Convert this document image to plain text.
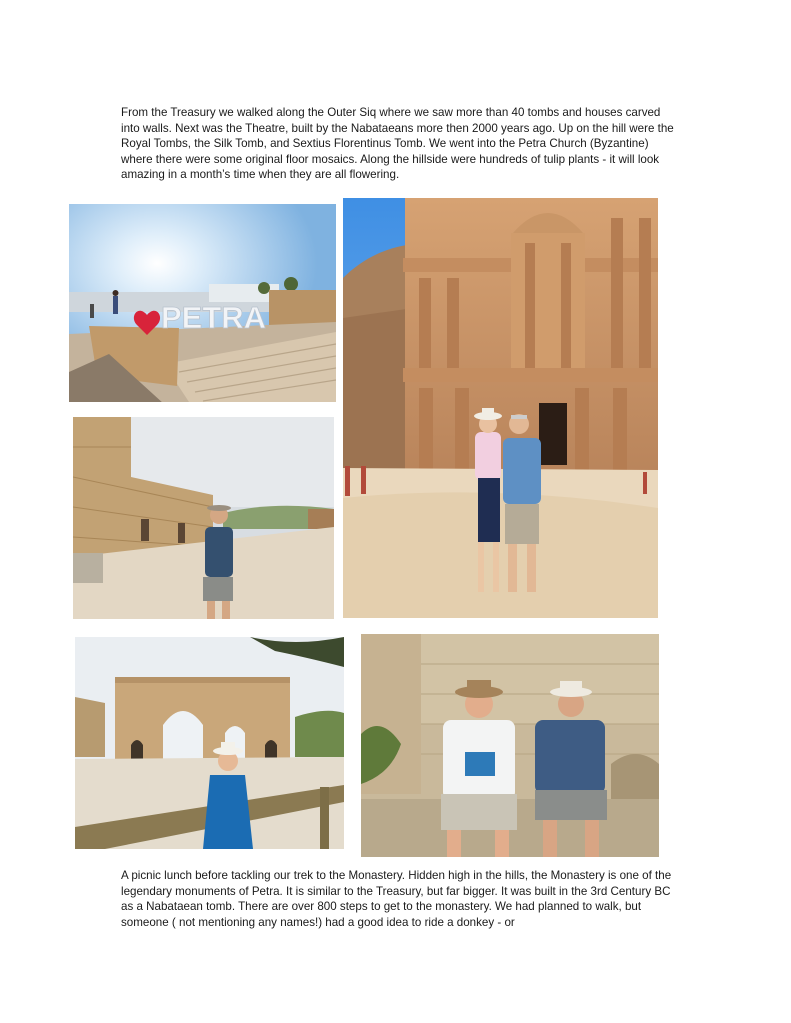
From the Treasury we walked along the Outer Siq where we saw more than 40 tombs and houses carved into walls. Next was the Theatre, built by the Nabataeans more then 2000 years ago. Up on the hill were the Royal Tombs, the Silk Tomb, and Sextius Florentinus Tomb. We went into the Petra Church (Byzantine) where there were some original floor mosaics. Along the hillside were hundreds of tulip plants - it will look amazing in a month’s time when they are all flowering.

PETRA

A picnic lunch before tackling our trek to the Monastery. Hidden high in the hills, the Monastery is one of the legendary monuments of Petra. It is similar to the Treasury, but far bigger. It was built in the 3rd Century BC as a Nabataean tomb. There are over 800 steps to get to the monastery. We had planned to walk, but someone ( not mentioning any names!) had a good idea to ride a donkey - or
